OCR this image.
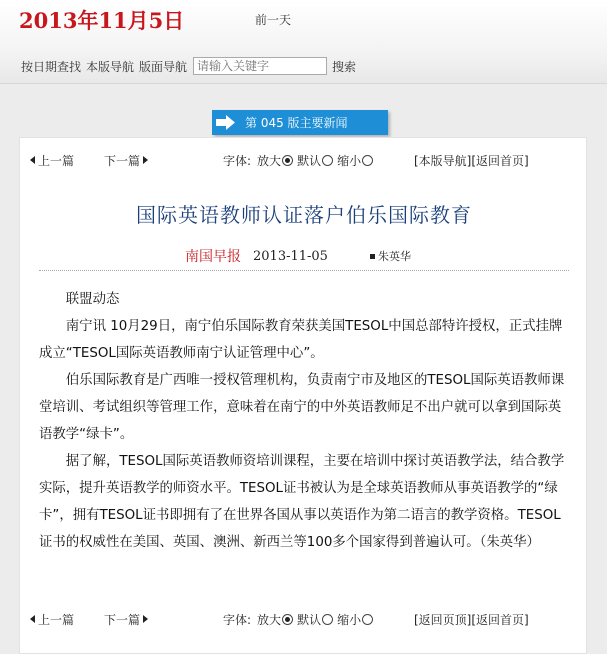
2013年11月5日	前一天
按日期查找 本版导航 版面导航
请输入关键字	搜索
第 045 版主要新闻
上一篇 下一篇	字体: 放大 默认 缩小	[本版导航] [返回首页]
国际英语教师认证落户伯乐国际教育
南国早报 2013-11-05	朱英华

联盟动态

南宁讯 10月29日，南宁伯乐国际教育荣获美国TESOL中国总部特许授权，正式挂牌成立“TESOL国际英语教师南宁认证管理中心”。

伯乐国际教育是广西唯一授权管理机构，负责南宁市及地区的TESOL国际英语教师课堂培训、考试组织等管理工作，意味着在南宁的中外英语教师足不出户就可以拿到国际英语教学“绿卡”。

据了解，TESOL国际英语教师资培训课程，主要在培训中探讨英语教学法，结合教学实际，提升英语教学的师资水平。TESOL证书被认为是全球英语教师从事英语教学的“绿卡”，拥有TESOL证书即拥有了在世界各国从事以英语作为第二语言的教学资格。TESOL证书的权威性在美国、英国、澳洲、新西兰等100多个国家得到普遍认可。（朱英华）

上一篇 下一篇	字体: 放大 默认 缩小	[返回页顶] [返回首页]
